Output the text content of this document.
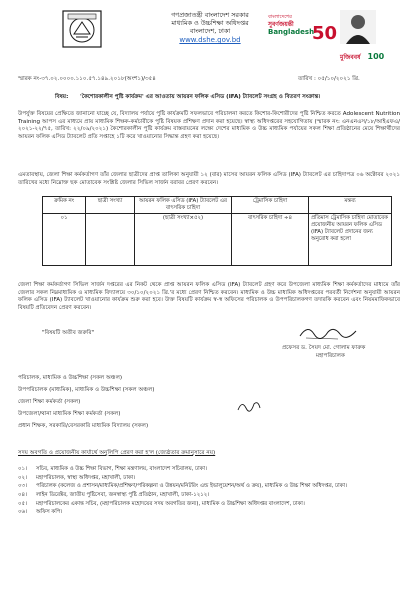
গণপ্রজাতন্ত্রী বাংলাদেশ সরকার
মাধ্যমিক ও উচ্চশিক্ষা অধিদপ্তর
বাংলাদেশ, ঢাকা
www.dshe.gov.bd
বাংলাদেশের
সুবর্ণজয়ন্তী
Bangladesh
50
মুজিববর্ষ 100
স্মারক নং-৩৭.০২.০০০০.১১০.৫৭.১৪৯.২০১৮(অংশ১)/৩৫৪	তারিখ : ০৫/১০/২০২১ খ্রি.
বিষয়: 'কৈশোরকালীন পুষ্টি কার্যক্রম' এর আওতায় আয়রন ফলিক এসিড (IFA) ট্যাবলেট সংগ্রহ ও বিতরণ সংক্রান্ত।
উপর্যুক্ত বিষয়ের প্রেক্ষিতে জানানো যাচ্ছে যে, বিদ্যালয় পর্যায়ে পুষ্টি কার্যক্রমটি সফলভাবে পরিচালনা করতে কিশোর-কিশোরীদের পুষ্টি নিশ্চিত করতে Adolescent Nutrition Training আপস এর মাধ্যমে প্রায় মাধ্যমিক শিক্ষক-কর্মচারীকে পুষ্টি বিষয়ক প্রশিক্ষণ প্রদান করা হয়েছে। স্বাস্থ্য অধিদপ্তরের সহযোগিতায় (স্মারক নং: এনএনএস/১৮/আইএফএ/২০২১-২২/৭৫, তারিখ: ২২/০৯/২০২১) কৈশোরকালীন পুষ্টি কার্যক্রম বাস্তবায়নের লক্ষ্যে দেশের মাধ্যমিক ও উচ্চ মাধ্যমিক পর্যায়ের সকল শিক্ষা প্রতিষ্ঠানের মেয়ে শিক্ষার্থীদের আয়রন ফলিক এসিড ট্যাবলেট প্রতি সপ্তাহে ১টি করে খাওয়ানোর সিদ্ধান্ত গ্রহণ করা হয়েছে।
এমতাবস্থায়, জেলা শিক্ষা কর্মকর্তাগণ তাঁর জেলার ছাত্রীদের প্রাপ্ত তালিকা অনুযায়ী ১২ (বার) মাসের আয়রন ফলিক এসিড (IFA) ট্যাবলেট এর চাহিদাপত্র ০৬ অক্টোবর ২০২১ তারিখের মধ্যে নিম্নোক্ত ছক মোতাবেক সংশ্লিষ্ট জেলার সিভিল সার্জন বরাবর প্রেরণ করবেন।
ক্রমিক নং	ছাত্রী সংখ্যা	আয়রন ফলিক এসিড (IFA) ট্যাবলেট এর বাৎসরিক চাহিদা	ট্রেমাসিক চাহিদা	মন্তব্য
০১		(ছাত্রী সংখ্যা×৫২)	বাৎসরিক চাহিদা ÷৪	প্রতিমাস ট্রেমাসিক চাহিদা মোতাবেক প্রয়োজনীয় আয়রন ফলিক এসিড (IFA) ট্যাবলেট প্রদানের জন্য অনুরোধ করা হলো
জেলা শিক্ষা কর্মকর্তাগণ সিভিল সার্জন দপ্তরের এর নিকট থেকে প্রাপ্ত আয়রন ফলিক এসিড (IFA) ট্যাবলেট গ্রহণ করে উপজেলা মাধ্যমিক শিক্ষা কর্মকর্তাদের মাধ্যমে তাঁর জেলার সকল নিম্নমাধ্যমিক ও মাধ্যমিক বিদ্যালয়ে ৩০/১০/২০২১ খ্রি.'র মধ্যে প্রেরণ নিশ্চিত করবেন। মাধ্যমিক ও উচ্চ মাধ্যমিক অধিদপ্তরের পরবর্তী নির্দেশনা অনুযায়ী আয়রন ফলিক এসিড (IFA) ট্যাবলেট খাওয়ানোর কার্যক্রম শুরু করা হবে। উক্ত বিষয়টি কার্যক্রম স্ব-স্ব অফিসের পরিচালক ও উপপরিচালকগণ তদারকি করবেন এবং নিয়মমাফিকভাবে বিষয়টি প্রতিবেদন প্রেরণ করবেন।
"বিষয়টি অতীব জরুরি"
প্রফেসর ড. সৈয়দ মো. গোলাম ফারুক
মহাপরিচালক
পরিচালক, মাধ্যমিক ও উচ্চশিক্ষা (সকল অঞ্চল)
উপপরিচালক (মাধ্যমিক), মাধ্যমিক ও উচ্চশিক্ষা (সকল অঞ্চল)
জেলা শিক্ষা কর্মকর্তা (সকল)
উপজেলা/থানা মাধ্যমিক শিক্ষা কর্মকর্তা (সকল)
প্রধান শিক্ষক, সরকারি/বেসরকারি মাধ্যমিক বিদ্যালয় (সকল)
সদয় অবগতি ও প্রয়োজনীয় কার্যার্থে অনুলিপি প্রেরণ করা হ'ল (জ্যেষ্ঠতার ক্রমানুসারে নয়)
০১।	সচিব, মাধ্যমিক ও উচ্চ শিক্ষা বিভাগ, শিক্ষা মন্ত্রণালয়, বাংলাদেশ সচিবালয়, ঢাকা।
০২।	মহাপরিচালক, স্বাস্থ্য অধিদপ্তর, মহাখালী, ঢাকা।
০৩।	পরিচালক (কলেজ ও প্রশাসন/মাধ্যমিক/প্রশিক্ষণ/পরিকল্পনা ও উন্নয়ন/মনিটরিং এন্ড ইভালুয়েশন/অর্থ ও ক্রয়), মাধ্যমিক ও উচ্চ শিক্ষা অধিদপ্তর, ঢাকা।
০৪।	লাইন ডিরেক্টর, জাতীয় পুষ্টিসেবা, জনস্বাস্থ্য পুষ্টি প্রতিষ্ঠান, মহাখালী, ঢাকা-১২১২।
০৫।	মহাপরিচালকের একান্ত সচিব, (মহাপরিচালক মহোদয়ের সদয় অবগতির জন্য), মাধ্যমিক ও উচ্চশিক্ষা অধিদপ্তর বাংলাদেশ, ঢাকা।
০৬।	অফিস কপি।
